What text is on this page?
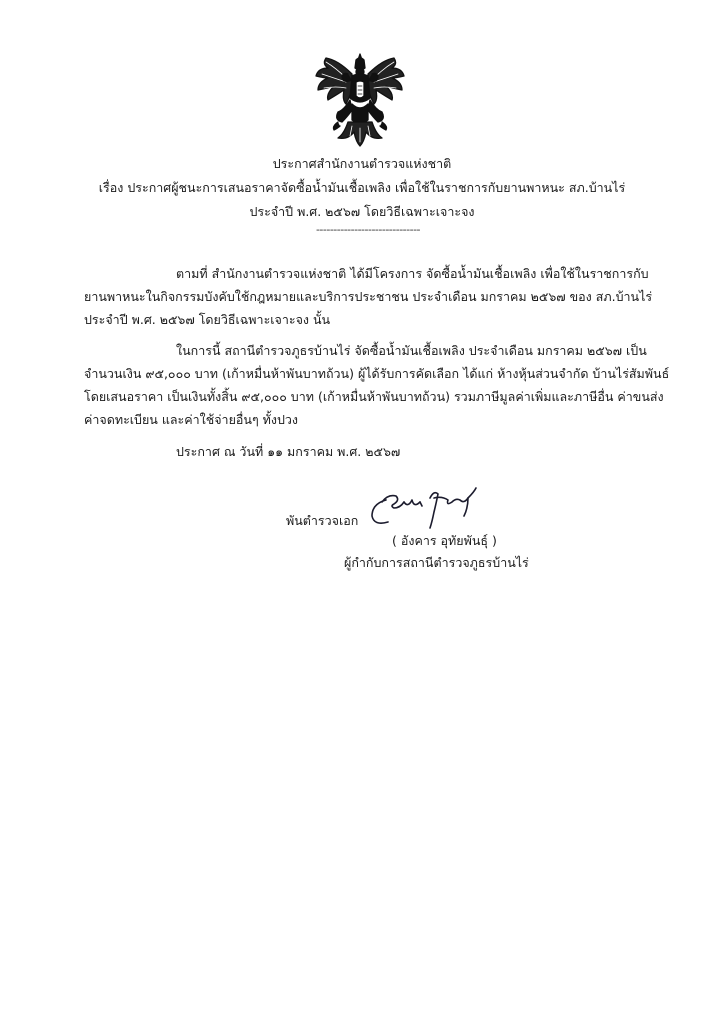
ประกาศสำนักงานตำรวจแห่งชาติ
เรื่อง ประกาศผู้ชนะการเสนอราคาจัดซื้อน้ำมันเชื้อเพลิง เพื่อใช้ในราชการกับยานพาหนะ สภ.บ้านไร่
ประจำปี พ.ศ. ๒๕๖๗ โดยวิธีเฉพาะเจาะจง
------------------------------
ตามที่ สำนักงานตำรวจแห่งชาติ ได้มีโครงการ จัดซื้อน้ำมันเชื้อเพลิง เพื่อใช้ในราชการกับ
ยานพาหนะในกิจกรรมบังคับใช้กฎหมายและบริการประชาชน ประจำเดือน มกราคม ๒๕๖๗ ของ สภ.บ้านไร่
ประจำปี พ.ศ. ๒๕๖๗ โดยวิธีเฉพาะเจาะจง นั้น
ในการนี้ สถานีตำรวจภูธรบ้านไร่ จัดซื้อน้ำมันเชื้อเพลิง ประจำเดือน มกราคม ๒๕๖๗ เป็น
จำนวนเงิน ๙๕,๐๐๐ บาท (เก้าหมื่นห้าพันบาทถ้วน) ผู้ได้รับการคัดเลือก ได้แก่ ห้างหุ้นส่วนจำกัด บ้านไร่สัมพันธ์
โดยเสนอราคา เป็นเงินทั้งสิ้น ๙๕,๐๐๐ บาท (เก้าหมื่นห้าพันบาทถ้วน) รวมภาษีมูลค่าเพิ่มและภาษีอื่น ค่าขนส่ง
ค่าจดทะเบียน และค่าใช้จ่ายอื่นๆ ทั้งปวง
ประกาศ ณ วันที่ ๑๑ มกราคม พ.ศ. ๒๕๖๗
พันตำรวจเอก
( อังคาร อุทัยพันธุ์ )
ผู้กำกับการสถานีตำรวจภูธรบ้านไร่
